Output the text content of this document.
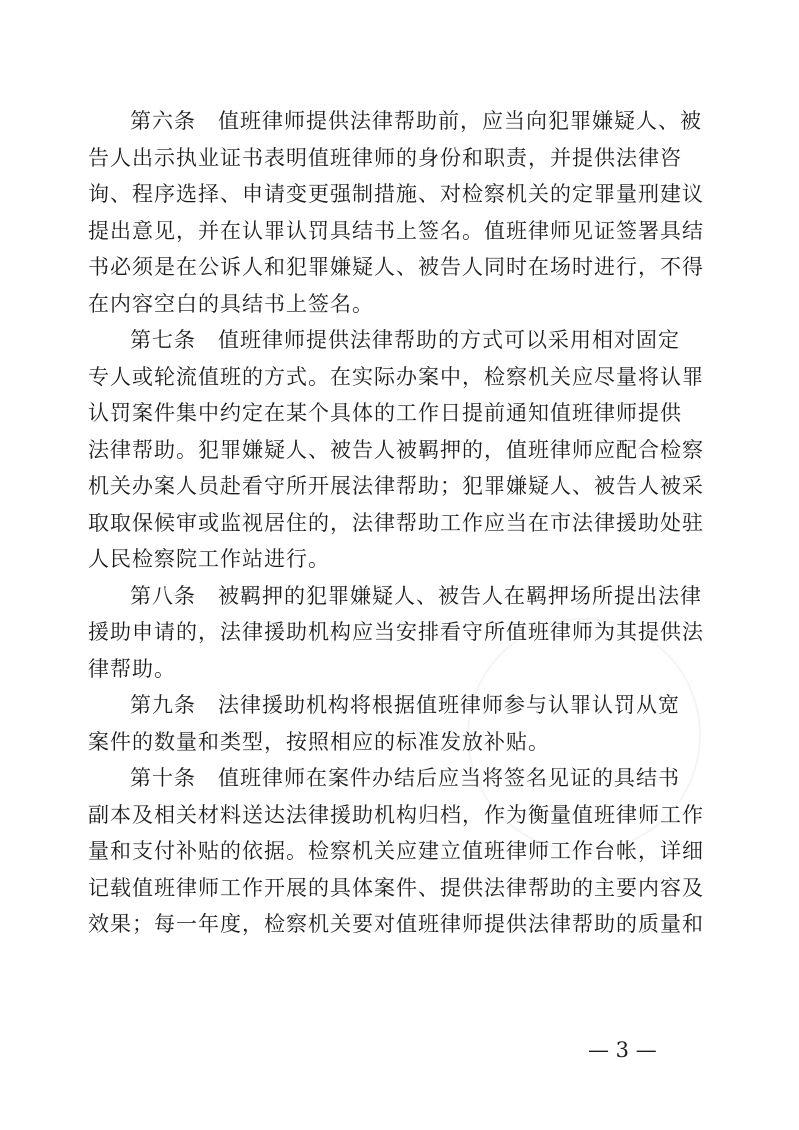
第六条 值班律师提供法律帮助前，应当向犯罪嫌疑人、被
告人出示执业证书表明值班律师的身份和职责，并提供法律咨
询、程序选择、申请变更强制措施、对检察机关的定罪量刑建议
提出意见，并在认罪认罚具结书上签名。值班律师见证签署具结
书必须是在公诉人和犯罪嫌疑人、被告人同时在场时进行，不得
在内容空白的具结书上签名。
第七条 值班律师提供法律帮助的方式可以采用相对固定
专人或轮流值班的方式。在实际办案中，检察机关应尽量将认罪
认罚案件集中约定在某个具体的工作日提前通知值班律师提供
法律帮助。犯罪嫌疑人、被告人被羁押的，值班律师应配合检察
机关办案人员赴看守所开展法律帮助；犯罪嫌疑人、被告人被采
取取保候审或监视居住的，法律帮助工作应当在市法律援助处驻
人民检察院工作站进行。
第八条 被羁押的犯罪嫌疑人、被告人在羁押场所提出法律
援助申请的，法律援助机构应当安排看守所值班律师为其提供法
律帮助。
第九条 法律援助机构将根据值班律师参与认罪认罚从宽
案件的数量和类型，按照相应的标准发放补贴。
第十条 值班律师在案件办结后应当将签名见证的具结书
副本及相关材料送达法律援助机构归档，作为衡量值班律师工作
量和支付补贴的依据。检察机关应建立值班律师工作台帐，详细
记载值班律师工作开展的具体案件、提供法律帮助的主要内容及
效果；每一年度，检察机关要对值班律师提供法律帮助的质量和
— 3 —
